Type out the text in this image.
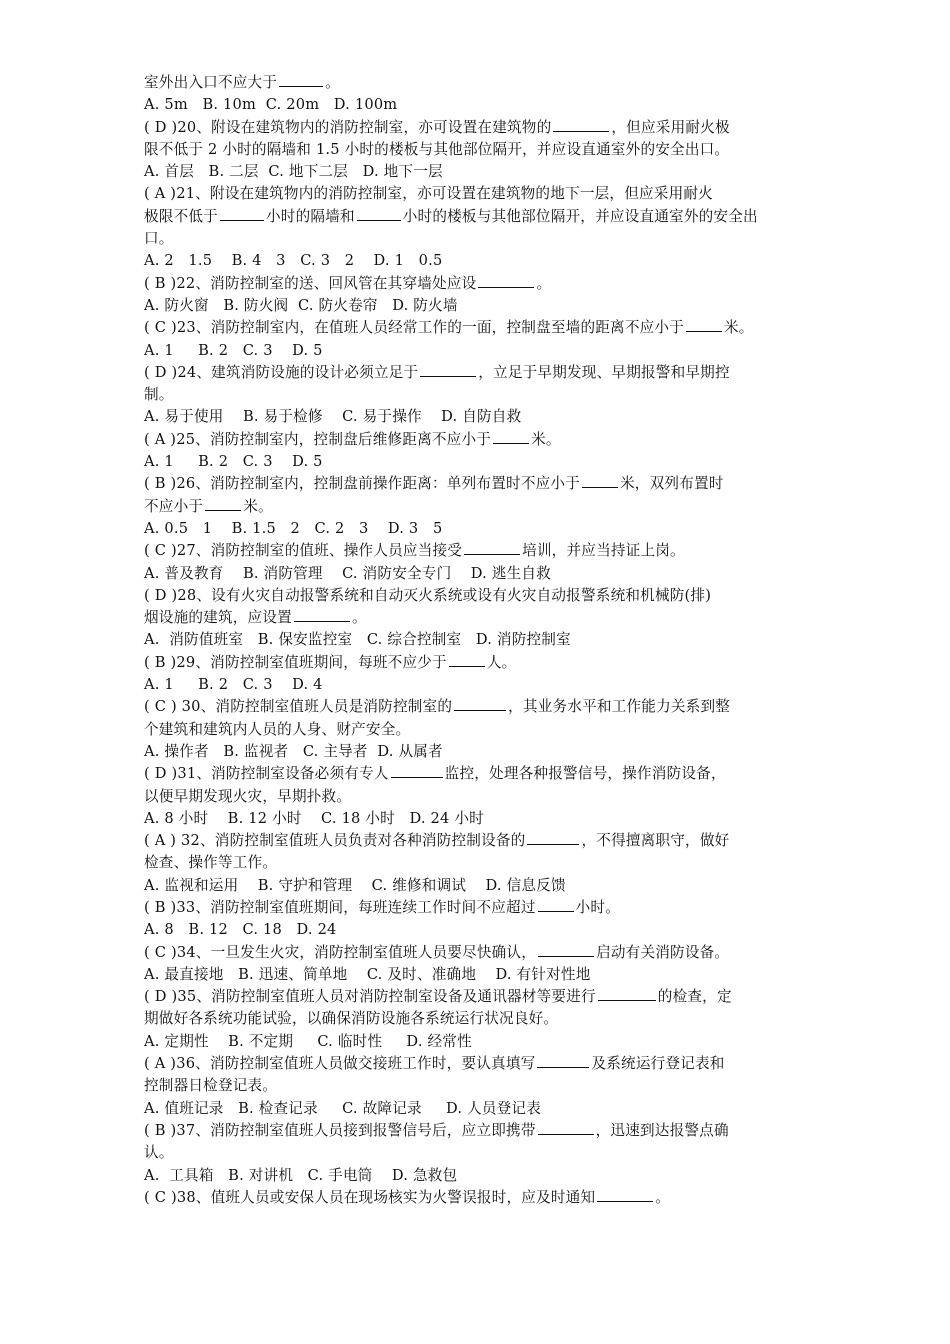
室外出入口不应大于	。
A. 5m   B. 10m  C. 20m   D. 100m
( D )20、附设在建筑物内的消防控制室，亦可设置在建筑物的	，但应采用耐火极
限不低于 2 小时的隔墙和 1.5 小时的楼板与其他部位隔开，并应设直通室外的安全出口。
A. 首层   B. 二层  C. 地下二层   D. 地下一层
( A )21、附设在建筑物内的消防控制室，亦可设置在建筑物的地下一层，但应采用耐火
极限不低于	小时的隔墙和	小时的楼板与其他部位隔开，并应设直通室外的安全出
口。
A. 2   1.5    B. 4   3   C. 3   2    D. 1   0.5
( B )22、消防控制室的送、回风管在其穿墙处应设	。
A. 防火窗   B. 防火阀  C. 防火卷帘   D. 防火墙
( C )23、消防控制室内，在值班人员经常工作的一面，控制盘至墙的距离不应小于	米。
A. 1     B. 2   C. 3    D. 5
( D )24、建筑消防设施的设计必须立足于	，立足于早期发现、早期报警和早期控
制。
A. 易于使用    B. 易于检修    C. 易于操作    D. 自防自救
( A )25、消防控制室内，控制盘后维修距离不应小于	米。
A. 1     B. 2   C. 3    D. 5
( B )26、消防控制室内，控制盘前操作距离：单列布置时不应小于	米，双列布置时
不应小于	米。
A. 0.5   1    B. 1.5   2   C. 2   3    D. 3   5
( C )27、消防控制室的值班、操作人员应当接受	培训，并应当持证上岗。
A. 普及教育    B. 消防管理    C. 消防安全专门    D. 逃生自救
( D )28、设有火灾自动报警系统和自动灭火系统或设有火灾自动报警系统和机械防(排)
烟设施的建筑，应设置	。
A.  消防值班室   B. 保安监控室   C. 综合控制室   D. 消防控制室
( B )29、消防控制室值班期间，每班不应少于	人。
A. 1     B. 2   C. 3    D. 4
( C ) 30、消防控制室值班人员是消防控制室的	，其业务水平和工作能力关系到整
个建筑和建筑内人员的人身、财产安全。
A. 操作者   B. 监视者   C. 主导者  D. 从属者
( D )31、消防控制室设备必须有专人	监控，处理各种报警信号，操作消防设备，
以便早期发现火灾，早期扑救。
A. 8 小时    B. 12 小时    C. 18 小时   D. 24 小时
( A ) 32、消防控制室值班人员负责对各种消防控制设备的	，不得擅离职守，做好
检查、操作等工作。
A. 监视和运用    B. 守护和管理    C. 维修和调试    D. 信息反馈
( B )33、消防控制室值班期间，每班连续工作时间不应超过	小时。
A. 8   B. 12   C. 18   D. 24
( C )34、一旦发生火灾，消防控制室值班人员要尽快确认，	启动有关消防设备。
A. 最直接地   B. 迅速、简单地    C. 及时、准确地    D. 有针对性地
( D )35、消防控制室值班人员对消防控制室设备及通讯器材等要进行	的检查，定
期做好各系统功能试验，以确保消防设施各系统运行状况良好。
A. 定期性    B. 不定期     C. 临时性     D. 经常性
( A )36、消防控制室值班人员做交接班工作时，要认真填写	及系统运行登记表和
控制器日检登记表。
A. 值班记录   B. 检查记录     C. 故障记录     D. 人员登记表
( B )37、消防控制室值班人员接到报警信号后，应立即携带	，迅速到达报警点确
认。
A.  工具箱   B. 对讲机   C. 手电筒    D. 急救包
( C )38、值班人员或安保人员在现场核实为火警误报时，应及时通知	。
